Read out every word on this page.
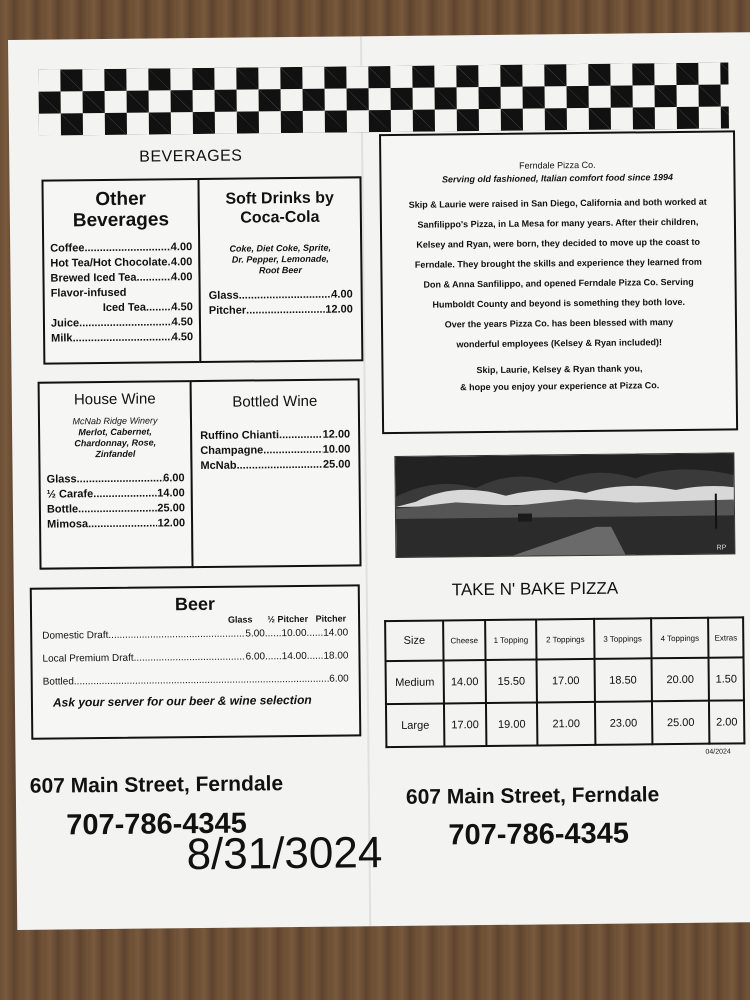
BEVERAGES
Other
Beverages
Coffee .....	4.00
Hot Tea/Hot Chocolate ..... 4.00
Brewed Iced Tea .....	4.00
Flavor-infused
Iced Tea ..... 4.50
Juice .....	4.50
Milk .....	4.50
Soft Drinks by
Coca-Cola
Coke, Diet Coke, Sprite,
Dr. Pepper, Lemonade,
Root Beer
Glass .....	4.00
Pitcher .....	12.00
House Wine
McNab Ridge Winery
Merlot, Cabernet,
Chardonnay, Rose,
Zinfandel
Glass .....	6.00
½ Carafe .....	14.00
Bottle .....	25.00
Mimosa .....	12.00
Bottled Wine
Ruffino Chianti .....	12.00
Champagne .....	10.00
McNab .....	25.00
Beer
Glass ½ Pitcher Pitcher
Domestic Draft .....	5.00......10.00......14.00
Local Premium Draft .....	6.00......14.00......18.00
Bottled .....	6.00
Ask your server for our beer & wine selection
Ferndale Pizza Co.
Serving old fashioned, Italian comfort food since 1994
Skip & Laurie were raised in San Diego, California and both worked at
Sanfilippo's Pizza, in La Mesa for many years. After their children,
Kelsey and Ryan, were born, they decided to move up the coast to
Ferndale. They brought the skills and experience they learned from
Don & Anna Sanfilippo, and opened Ferndale Pizza Co. Serving
Humboldt County and beyond is something they both love.
Over the years Pizza Co. has been blessed with many
wonderful employees (Kelsey & Ryan included)!
Skip, Laurie, Kelsey & Ryan thank you,
& hope you enjoy your experience at Pizza Co.
RP
TAKE N' BAKE PIZZA
Size	Cheese	1 Topping	2 Toppings	3 Toppings	4 Toppings	Extras
Medium	14.00	15.50	17.00	18.50	20.00	1.50
Large	17.00	19.00	21.00	23.00	25.00	2.00
04/2024
607 Main Street, Ferndale
707-786-4345
607 Main Street, Ferndale
707-786-4345
8/31/3024
